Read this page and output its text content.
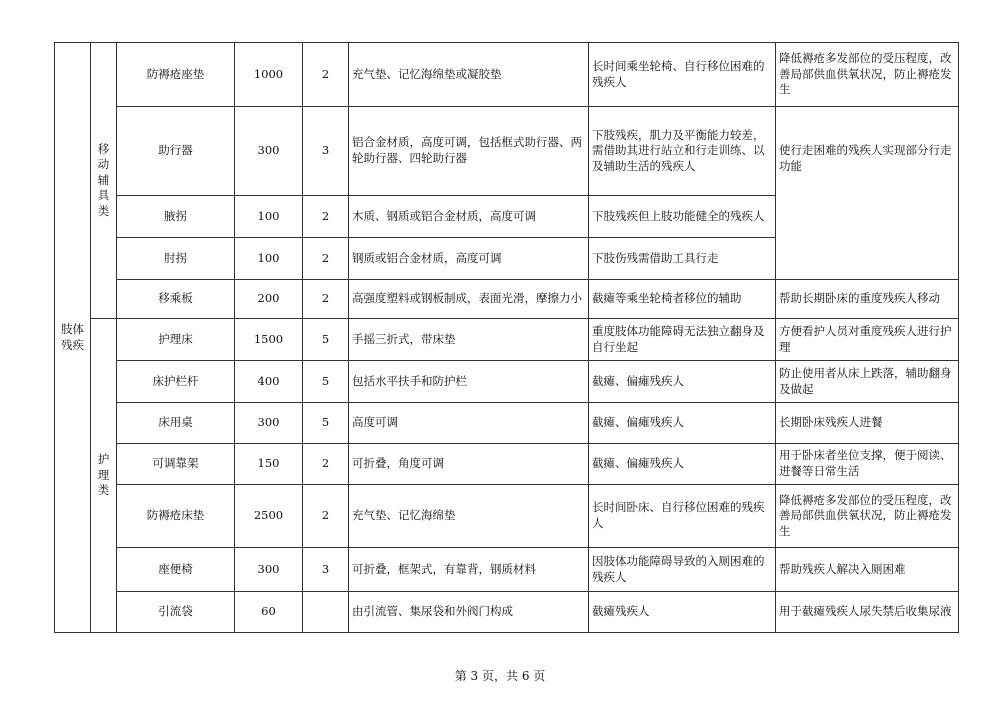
肢体残疾	移动辅具类	防褥疮座垫	1000	2	充气垫、记忆海绵垫或凝胶垫	长时间乘坐轮椅、自行移位困难的残疾人	降低褥疮多发部位的受压程度，改善局部供血供氧状况，防止褥疮发生
		助行器	300	3	铝合金材质，高度可调，包括框式助行器、两轮助行器、四轮助行器	下肢残疾，肌力及平衡能力较差，需借助其进行站立和行走训练、以及辅助生活的残疾人	使行走困难的残疾人实现部分行走功能
		腋拐	100	2	木质、钢质或铝合金材质，高度可调	下肢残疾但上肢功能健全的残疾人	
		肘拐	100	2	钢质或铝合金材质，高度可调	下肢伤残需借助工具行走	
		移乘板	200	2	高强度塑料或钢板制成，表面光滑，摩擦力小	截瘫等乘坐轮椅者移位的辅助	帮助长期卧床的重度残疾人移动

	护理类	护理床	1500	5	手摇三折式，带床垫	重度肢体功能障碍无法独立翻身及自行坐起	方便看护人员对重度残疾人进行护理
		床护栏杆	400	5	包括水平扶手和防护栏	截瘫、偏瘫残疾人	防止使用者从床上跌落，辅助翻身及做起
		床用桌	300	5	高度可调	截瘫、偏瘫残疾人	长期卧床残疾人进餐
		可调靠架	150	2	可折叠，角度可调	截瘫、偏瘫残疾人	用于卧床者坐位支撑，便于阅读、进餐等日常生活
		防褥疮床垫	2500	2	充气垫、记忆海绵垫	长时间卧床、自行移位困难的残疾人	降低褥疮多发部位的受压程度，改善局部供血供氧状况，防止褥疮发生
		座便椅	300	3	可折叠，框架式，有靠背，钢质材料	因肢体功能障碍导致的入厕困难的残疾人	帮助残疾人解决入厕困难
		引流袋	60		由引流管、集尿袋和外阀门构成	截瘫残疾人	用于截瘫残疾人尿失禁后收集尿液
第 3 页，共 6 页
